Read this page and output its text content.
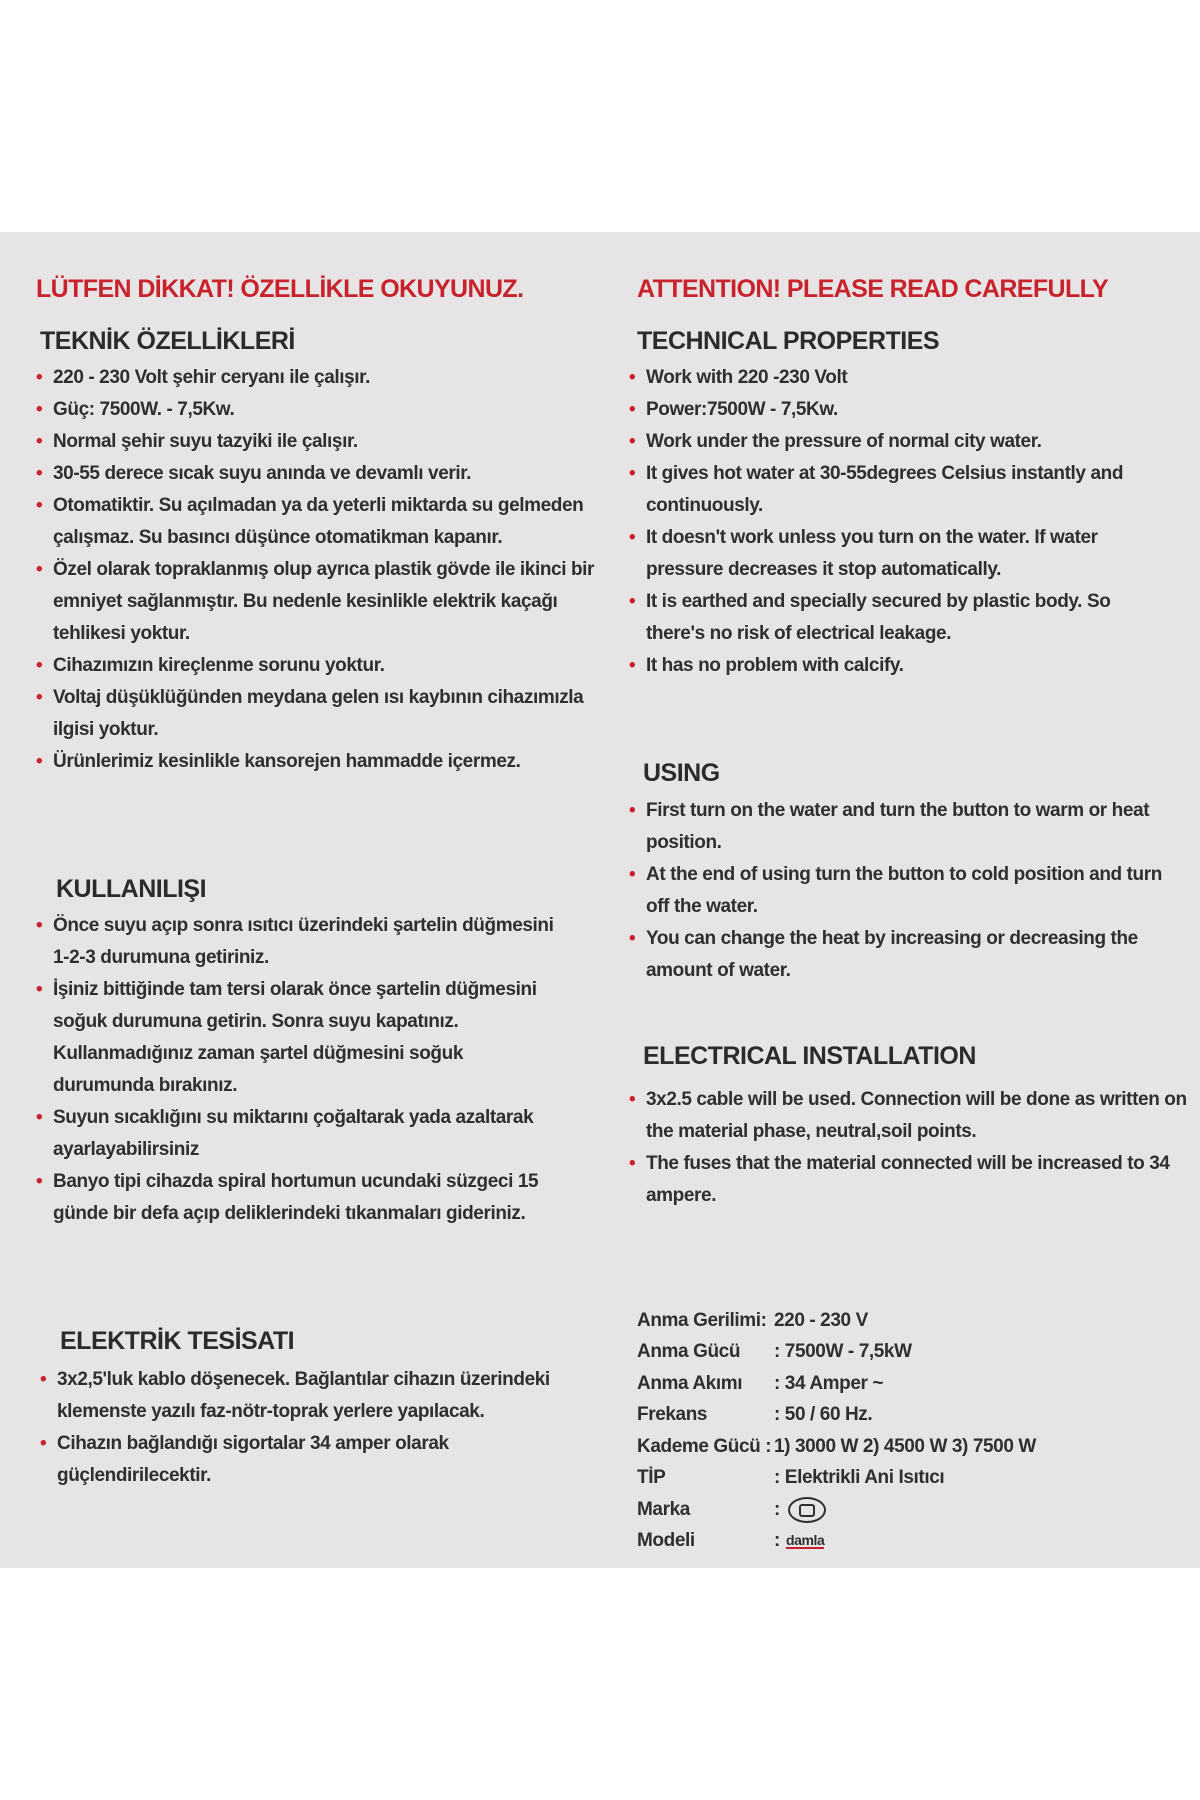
LÜTFEN DİKKAT! ÖZELLİKLE OKUYUNUZ.
TEKNİK ÖZELLİKLERİ
• 220 - 230 Volt şehir ceryanı ile çalışır.
• Güç: 7500W. - 7,5Kw.
• Normal şehir suyu tazyiki ile çalışır.
• 30-55 derece sıcak suyu anında ve devamlı verir.
• Otomatiktir. Su açılmadan ya da yeterli miktarda su gelmeden çalışmaz. Su basıncı düşünce otomatikman kapanır.
• Özel olarak topraklanmış olup ayrıca plastik gövde ile ikinci bir emniyet sağlanmıştır. Bu nedenle kesinlikle elektrik kaçağı tehlikesi yoktur.
• Cihazımızın kireçlenme sorunu yoktur.
• Voltaj düşüklüğünden meydana gelen ısı kaybının cihazımızla ilgisi yoktur.
• Ürünlerimiz kesinlikle kansorejen hammadde içermez.
KULLANILIŞI
• Önce suyu açıp sonra ısıtıcı üzerindeki şartelin düğmesini 1-2-3 durumuna getiriniz.
• İşiniz bittiğinde tam tersi olarak önce şartelin düğmesini soğuk durumuna getirin. Sonra suyu kapatınız. Kullanmadığınız zaman şartel düğmesini soğuk durumunda bırakınız.
• Suyun sıcaklığını su miktarını çoğaltarak yada azaltarak ayarlayabilirsiniz
• Banyo tipi cihazda spiral hortumun ucundaki süzgeci 15 günde bir defa açıp deliklerindeki tıkanmaları gideriniz.
ELEKTRİK TESİSATI
• 3x2,5'luk kablo döşenecek. Bağlantılar cihazın üzerindeki klemenste yazılı faz-nötr-toprak yerlere yapılacak.
• Cihazın bağlandığı sigortalar 34 amper olarak güçlendirilecektir.
ATTENTION! PLEASE READ CAREFULLY
TECHNICAL PROPERTIES
• Work with 220 -230 Volt
• Power:7500W - 7,5Kw.
• Work under the pressure of normal city water.
• It gives hot water at 30-55degrees Celsius instantly and continuously.
• It doesn't work unless you turn on the water. If water pressure decreases it stop automatically.
• It is earthed and specially secured by plastic body. So there's no risk of electrical leakage.
• It has no problem with calcify.
USING
• First turn on the water and turn the button to warm or heat position.
• At the end of using turn the button to cold position and turn off the water.
• You can change the heat by increasing or decreasing the amount of water.
ELECTRICAL INSTALLATION
• 3x2.5 cable will be used. Connection will be done as written on the material phase, neutral,soil points.
• The fuses that the material connected will be increased to 34 ampere.
Anma Gerilimi: 220 - 230 V
Anma Gücü	: 7500W - 7,5kW
Anma Akımı	: 34 Amper ~
Frekans	: 50 / 60 Hz.
Kademe Gücü : 1) 3000 W 2) 4500 W 3) 7500 W
TİP	: Elektrikli Ani Isıtıcı
Marka	:
Modeli	: damla
